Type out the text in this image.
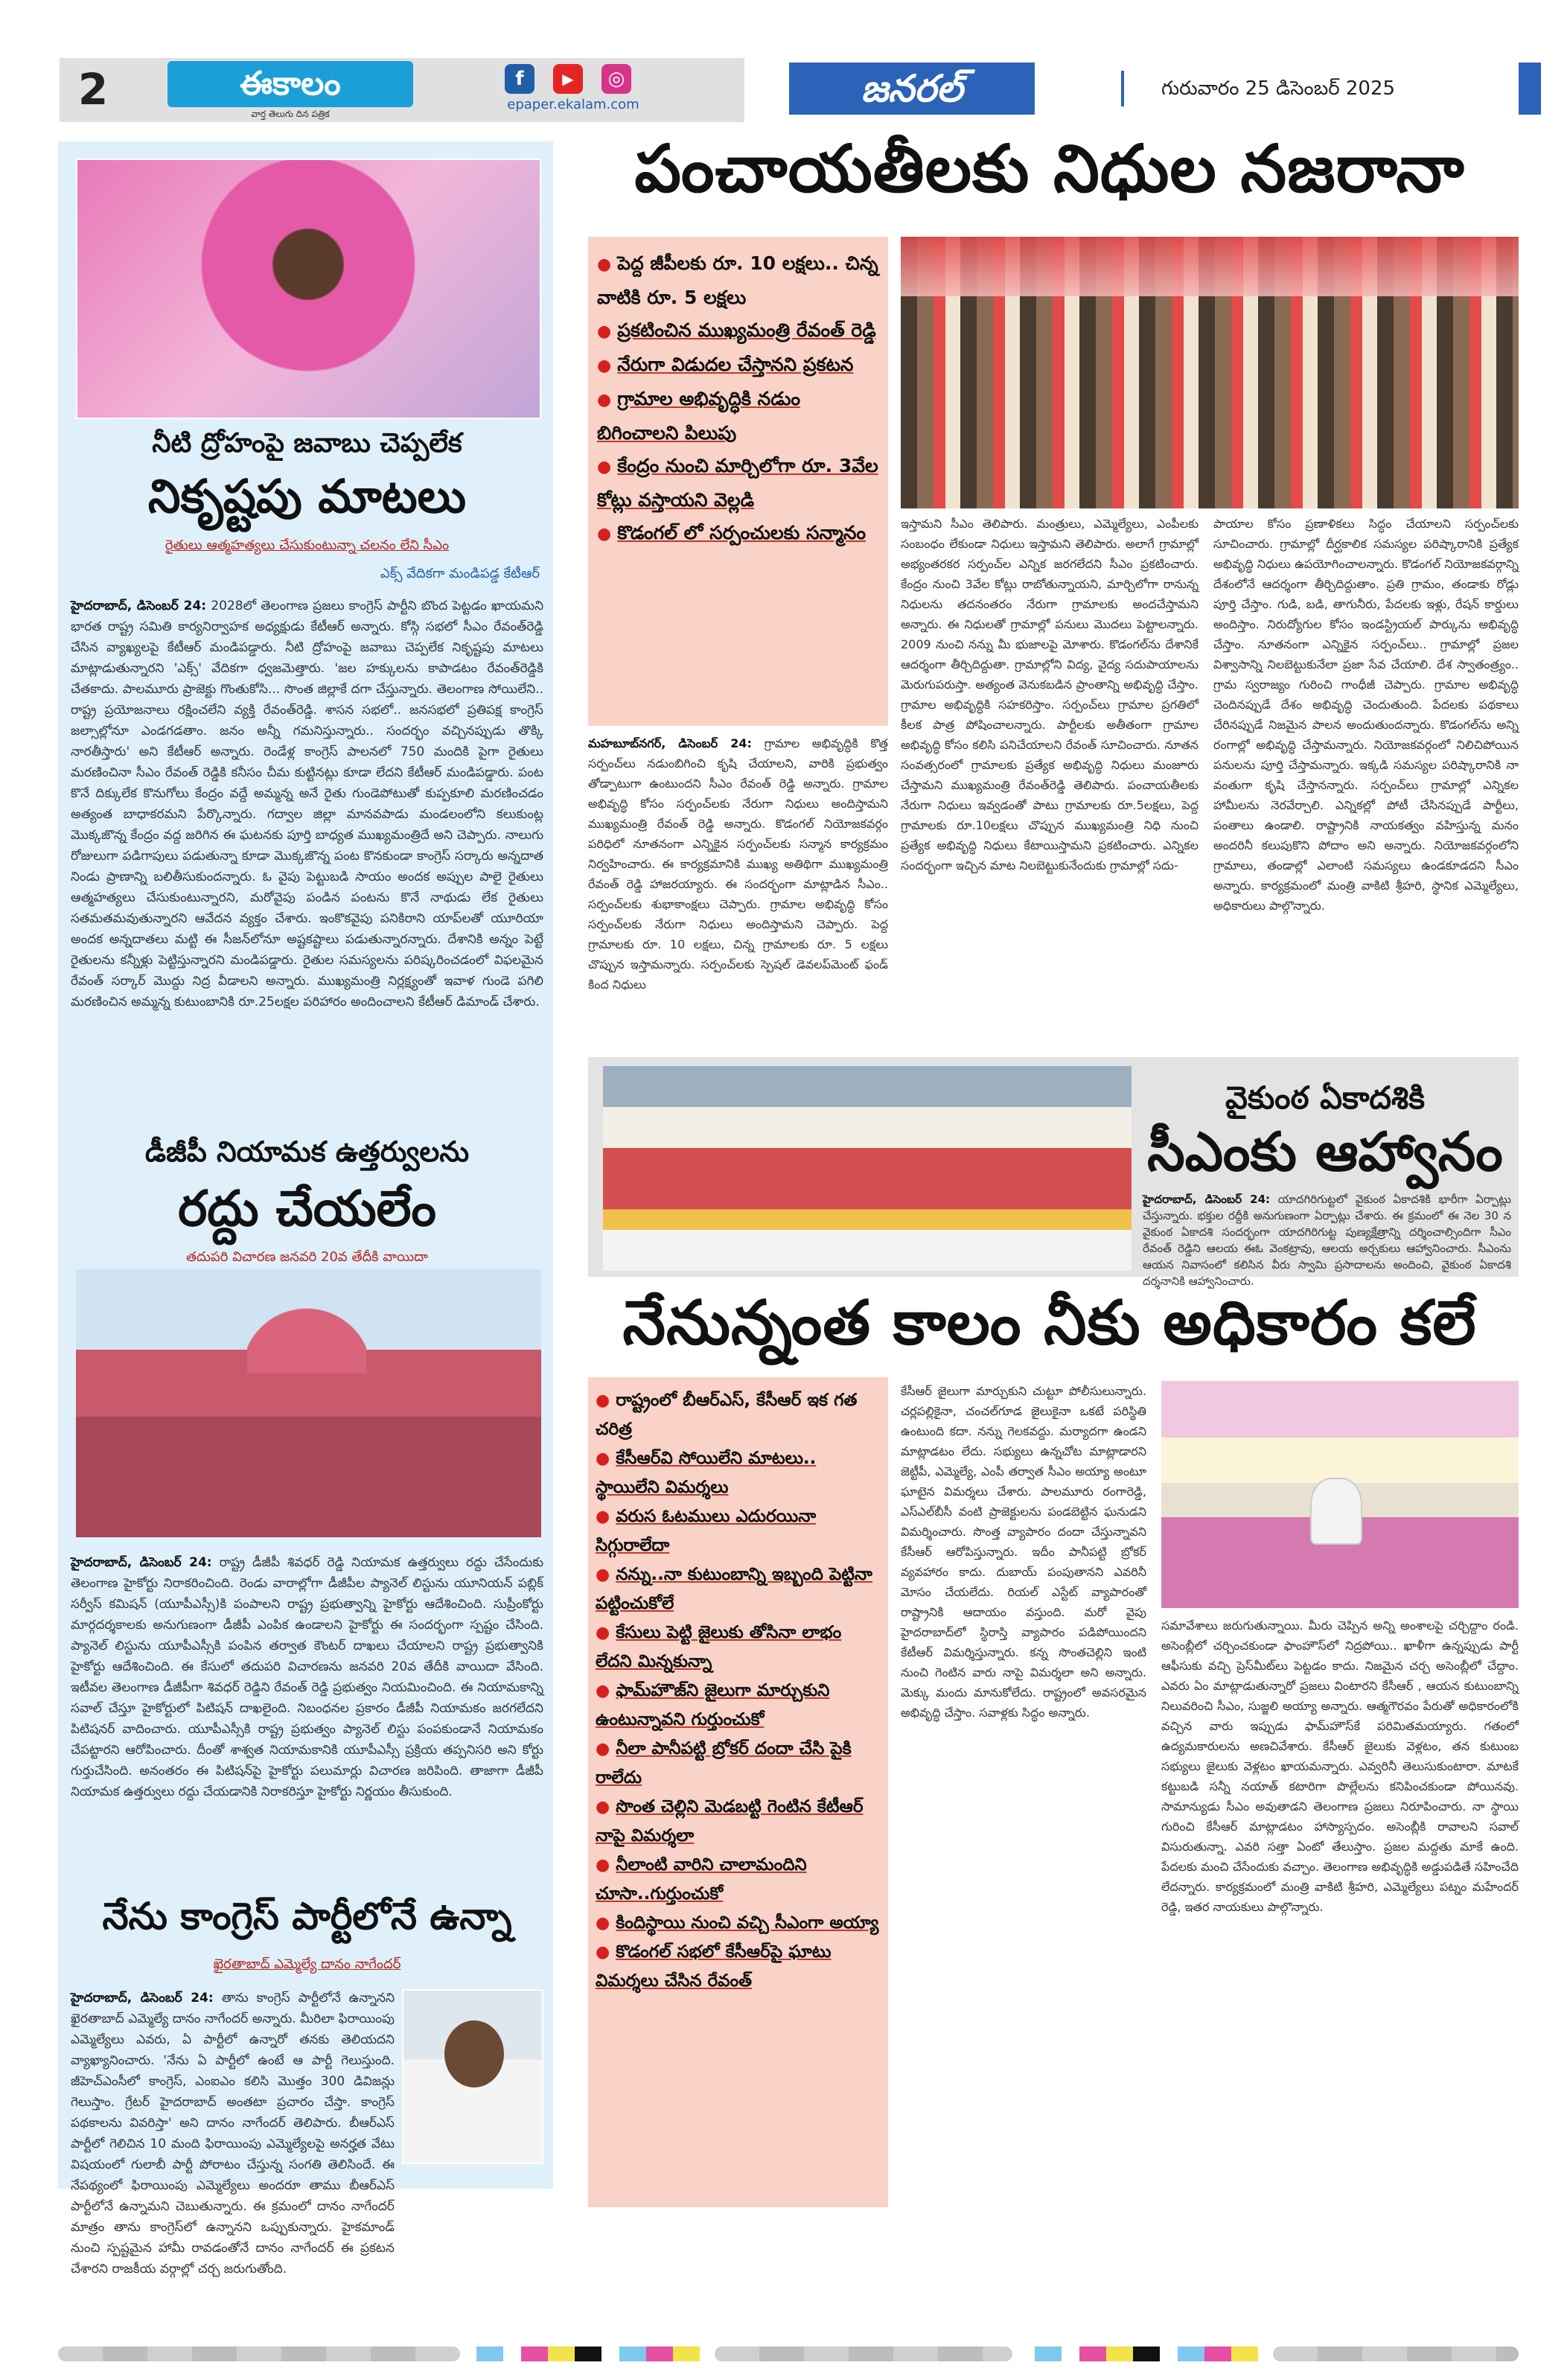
2	ఈకాలం
వార్త తెలుగు దిన పత్రిక
f	▶	◎
epaper.ekalam.com	జనరల్	గురువారం 25 డిసెంబర్ 2025
నీటి ద్రోహంపై జవాబు చెప్పలేక
నికృష్టపు మాటలు
రైతులు ఆత్మహత్యలు చేసుకుంటున్నా చలనం లేని సీఎం
ఎక్స్ వేదికగా మండిపడ్డ కేటీఆర్
హైదరాబాద్, డిసెంబర్ 24: 2028లో తెలంగాణ ప్రజలు కాంగ్రెస్ పార్టీని బొంద పెట్టడం ఖాయమని భారత రాష్ట్ర సమితి కార్యనిర్వాహక అధ్యక్షుడు కేటీఆర్ అన్నారు. కోస్గి సభలో సీఎం రేవంత్‌రెడ్డి చేసిన వ్యాఖ్యలపై కేటీఆర్ మండిపడ్డారు. నీటి ద్రోహంపై జవాబు చెప్పలేక నికృష్టపు మాటలు మాట్లాడుతున్నారని 'ఎక్స్' వేదికగా ధ్వజమెత్తారు. 'జల హక్కులను కాపాడటం రేవంత్‌రెడ్డికి చేతకాదు. పాలమూరు ప్రాజెక్టు గొంతుకోసి... సొంత జిల్లాకే దగా చేస్తున్నారు. తెలంగాణ సోయిలేని.. రాష్ట్ర ప్రయోజనాలు రక్షించలేని వ్యక్తి రేవంత్‌రెడ్డి. శాసన సభలో.. జనసభలో ప్రతిపక్ష కాంగ్రెస్ జల్సాల్లోనూ ఎండగడతాం. జనం అన్నీ గమనిస్తున్నారు.. సందర్భం వచ్చినప్పుడు తొక్కి నారతీస్తారు' అని కేటీఆర్ అన్నారు. రెండేళ్ల కాంగ్రెస్ పాలనలో 750 మందికి పైగా రైతులు మరణించినా సీఎం రేవంత్ రెడ్డికి కనీసం చీమ కుట్టినట్లు కూడా లేదని కేటీఆర్ మండిపడ్డారు. పంట కొనే దిక్కులేక కొనుగోలు కేంద్రం వద్దే అమ్మన్న అనే రైతు గుండెపోటుతో కుప్పకూలి మరణించడం అత్యంత బాధాకరమని పేర్కొన్నారు. గద్వాల జిల్లా మానవపాడు మండలంలోని కలుకుంట్ల మొక్కజొన్న కేంద్రం వద్ద జరిగిన ఈ ఘటనకు పూర్తి బాధ్యత ముఖ్యమంత్రిదే అని చెప్పారు. నాలుగు రోజులుగా పడిగాపులు పడుతున్నా కూడా మొక్కజొన్న పంట కొనకుండా కాంగ్రెస్ సర్కారు అన్నదాత నిండు ప్రాణాన్ని బలితీసుకుందన్నారు. ఓ వైపు పెట్టుబడి సాయం అందక అప్పుల పాలై రైతులు ఆత్మహత్యలు చేసుకుంటున్నారని, మరోవైపు పండిన పంటను కొనే నాథుడు లేక రైతులు సతమతమవుతున్నారని ఆవేదన వ్యక్తం చేశారు. ఇంకొకవైపు పనికిరాని యాప్‌లతో యూరియా అందక అన్నదాతలు మట్టి ఈ సీజన్‌లోనూ అష్టకష్టాలు పడుతున్నారన్నారు. దేశానికి అన్నం పెట్టే రైతులను కన్నీళ్లు పెట్టిస్తున్నారని మండిపడ్డారు. రైతుల సమస్యలను పరిష్కరించడంలో విఫలమైన రేవంత్ సర్కార్ మొద్దు నిద్ర వీడాలని అన్నారు. ముఖ్యమంత్రి నిర్లక్ష్యంతో ఇవాళ గుండె పగిలి మరణించిన అమ్మన్న కుటుంబానికి రూ.25లక్షల పరిహారం అందించాలని కేటీఆర్ డిమాండ్ చేశారు.
డీజీపీ నియామక ఉత్తర్వులను
రద్దు చేయలేం
తదుపరి విచారణ జనవరి 20వ తేదీకి వాయిదా
హైదరాబాద్, డిసెంబర్ 24: రాష్ట్ర డీజీపీ శివధర్ రెడ్డి నియామక ఉత్తర్వులు రద్దు చేసేందుకు తెలంగాణ హైకోర్టు నిరాకరించింది. రెండు వారాల్లోగా డీజీపీల ప్యానెల్ లిస్టును యూనియన్ పబ్లిక్ సర్వీస్ కమిషన్ (యూపీఎస్సీ)కి పంపాలని రాష్ట్ర ప్రభుత్వాన్ని హైకోర్టు ఆదేశించింది. సుప్రీంకోర్టు మార్గదర్శకాలకు అనుగుణంగా డీజీపీ ఎంపిక ఉండాలని హైకోర్టు ఈ సందర్భంగా స్పష్టం చేసింది. ప్యానెల్ లిస్టును యూపీఎస్సీకి పంపిన తర్వాత కౌంటర్ దాఖలు చేయాలని రాష్ట్ర ప్రభుత్వానికి హైకోర్టు ఆదేశించింది. ఈ కేసులో తదుపరి విచారణను జనవరి 20వ తేదీకి వాయిదా వేసింది. ఇటీవల తెలంగాణ డీజీపీగా శివధర్ రెడ్డిని రేవంత్ రెడ్డి ప్రభుత్వం నియమించింది. ఈ నియామకాన్ని సవాల్ చేస్తూ హైకోర్టులో పిటిషన్ దాఖలైంది. నిబంధనల ప్రకారం డీజీపీ నియామకం జరగలేదని పిటిషనర్ వాదించారు. యూపీఎస్సీకి రాష్ట్ర ప్రభుత్వం ప్యానెల్ లిస్టు పంపకుండానే నియామకం చేపట్టారని ఆరోపించారు. దీంతో శాశ్వత నియామకానికి యూపీఎస్సీ ప్రక్రియ తప్పనిసరి అని కోర్టు గుర్తుచేసింది. అనంతరం ఈ పిటిషన్‌పై హైకోర్టు పలుమార్లు విచారణ జరిపింది. తాజాగా డీజీపీ నియామక ఉత్తర్వులు రద్దు చేయడానికి నిరాకరిస్తూ హైకోర్టు నిర్ణయం తీసుకుంది.
నేను కాంగ్రెస్ పార్టీలోనే ఉన్నా
ఖైరతాబాద్ ఎమ్మెల్యే దానం నాగేందర్
హైదరాబాద్, డిసెంబర్ 24: తాను కాంగ్రెస్ పార్టీలోనే ఉన్నానని ఖైరతాబాద్ ఎమ్మెల్యే దానం నాగేందర్ అన్నారు. మీరిలా ఫిరాయింపు ఎమ్మెల్యేలు ఎవరు, ఏ పార్టీలో ఉన్నారో తనకు తెలియదని వ్యాఖ్యానించారు. 'నేను ఏ పార్టీలో ఉంటే ఆ పార్టీ గెలుస్తుంది. జీహెచ్ఎంసీలో కాంగ్రెస్, ఎంఐఎం కలిసి మొత్తం 300 డివిజన్లు గెలుస్తాం. గ్రేటర్ హైదరాబాద్ అంతటా ప్రచారం చేస్తా. కాంగ్రెస్ పథకాలను వివరిస్తా' అని దానం నాగేందర్ తెలిపారు. బీఆర్ఎస్ పార్టీలో గెలిచిన 10 మంది ఫిరాయింపు ఎమ్మెల్యేలపై అనర్హత వేటు విషయంలో గులాబీ పార్టీ పోరాటం చేస్తున్న సంగతి తెలిసిందే. ఈ నేపథ్యంలో ఫిరాయింపు ఎమ్మెల్యేలు అందరూ తాము బీఆర్ఎస్ పార్టీలోనే ఉన్నామని చెబుతున్నారు. ఈ క్రమంలో దానం నాగేందర్ మాత్రం తాను కాంగ్రెస్‌లో ఉన్నానని ఒప్పుకున్నారు. హైకమాండ్ నుంచి స్పష్టమైన హామీ రావడంతోనే దానం నాగేందర్ ఈ ప్రకటన చేశారని రాజకీయ వర్గాల్లో చర్చ జరుగుతోంది.
పంచాయతీలకు నిధుల నజరానా
● పెద్ద జీపీలకు రూ. 10 లక్షలు.. చిన్న వాటికి రూ. 5 లక్షలు
● ప్రకటించిన ముఖ్యమంత్రి రేవంత్ రెడ్డి
● నేరుగా విడుదల చేస్తానని ప్రకటన
● గ్రామాల అభివృద్ధికి నడుం బిగించాలని పిలుపు
● కేంద్రం నుంచి మార్చిలోగా రూ. 3వేల కోట్లు వస్తాయని వెల్లడి
● కొడంగల్ లో సర్పంచులకు సన్మానం
మహబూబ్‌నగర్, డిసెంబర్ 24: గ్రామాల అభివృద్ధికి కొత్త సర్పంచ్‌లు నడుంబిగించి కృషి చేయాలని, వారికి ప్రభుత్వం తోడ్పాటుగా ఉంటుందని సీఎం రేవంత్ రెడ్డి అన్నారు. గ్రామాల అభివృద్ధి కోసం సర్పంచ్‌లకు నేరుగా నిధులు అందిస్తామని ముఖ్యమంత్రి రేవంత్ రెడ్డి అన్నారు. కొడంగల్ నియోజకవర్గం పరిధిలో నూతనంగా ఎన్నికైన సర్పంచ్‌లకు సన్మాన కార్యక్రమం నిర్వహించారు. ఈ కార్యక్రమానికి ముఖ్య అతిథిగా ముఖ్యమంత్రి రేవంత్ రెడ్డి హాజరయ్యారు. ఈ సందర్భంగా మాట్లాడిన సీఎం.. సర్పంచ్‌లకు శుభాకాంక్షలు చెప్పారు. గ్రామాల అభివృద్ధి కోసం సర్పంచ్‌లకు నేరుగా నిధులు అందిస్తామని చెప్పారు. పెద్ద గ్రామాలకు రూ. 10 లక్షలు, చిన్న గ్రామాలకు రూ. 5 లక్షలు చొప్పున ఇస్తామన్నారు. సర్పంచ్‌లకు స్పెషల్ డెవలప్‌మెంట్ ఫండ్ కింద నిధులు
ఇస్తామని సీఎం తెలిపారు. మంత్రులు, ఎమ్మెల్యేలు, ఎంపీలకు సంబంధం లేకుండా నిధులు ఇస్తామని తెలిపారు. అలాగే గ్రామాల్లో అభ్యంతరకర సర్పంచ్‌ల ఎన్నిక జరగలేదని సీఎం ప్రకటించారు. కేంద్రం నుంచి 3వేల కోట్లు రాబోతున్నాయని, మార్చిలోగా రానున్న నిధులను తదనంతరం నేరుగా గ్రామాలకు అందచేస్తామని అన్నారు. ఈ నిధులతో గ్రామాల్లో పనులు మొదలు పెట్టాలన్నారు. 2009 నుంచి నన్ను మీ భుజాలపై మోశారు. కొడంగల్‌ను దేశానికే ఆదర్శంగా తీర్చిదిద్దుతా. గ్రామాల్లోని విద్య, వైద్య సదుపాయాలను మెరుగుపరుస్తా. అత్యంత వెనుకబడిన ప్రాంతాన్ని అభివృద్ధి చేస్తాం. గ్రామాల అభివృద్ధికి సహకరిస్తాం. సర్పంచ్‌లు గ్రామాల ప్రగతిలో కీలక పాత్ర పోషించాలన్నారు. పార్టీలకు అతీతంగా గ్రామాల అభివృద్ధి కోసం కలిసి పనిచేయాలని రేవంత్ సూచించారు. నూతన సంవత్సరంలో గ్రామాలకు ప్రత్యేక అభివృద్ధి నిధులు మంజూరు చేస్తామని ముఖ్యమంత్రి రేవంత్‌రెడ్డి తెలిపారు. పంచాయతీలకు నేరుగా నిధులు ఇవ్వడంతో పాటు గ్రామాలకు రూ.5లక్షలు, పెద్ద గ్రామాలకు రూ.10లక్షలు చొప్పున ముఖ్యమంత్రి నిధి నుంచి ప్రత్యేక అభివృద్ధి నిధులు కేటాయిస్తామని ప్రకటించారు. ఎన్నికల సందర్భంగా ఇచ్చిన మాట నిలబెట్టుకునేందుకు గ్రామాల్లో సదు-
పాయాల కోసం ప్రణాళికలు సిద్ధం చేయాలని సర్పంచ్‌లకు సూచించారు. గ్రామాల్లో దీర్ఘకాలిక సమస్యల పరిష్కారానికి ప్రత్యేక అభివృద్ధి నిధులు ఉపయోగించాలన్నారు. కొడంగల్ నియోజకవర్గాన్ని దేశంలోనే ఆదర్శంగా తీర్చిదిద్దుతాం. ప్రతి గ్రామం, తండాకు రోడ్లు పూర్తి చేస్తాం. గుడి, బడి, తాగునీరు, పేదలకు ఇళ్లు, రేషన్ కార్డులు అందిస్తాం. నిరుద్యోగుల కోసం ఇండస్ట్రియల్ పార్కును అభివృద్ధి చేస్తాం. నూతనంగా ఎన్నికైన సర్పంచ్‌లు.. గ్రామాల్లో ప్రజల విశ్వాసాన్ని నిలబెట్టుకునేలా ప్రజా సేవ చేయాలి. దేశ స్వాతంత్ర్యం.. గ్రామ స్వరాజ్యం గురించి గాంధీజీ చెప్పారు. గ్రామాల అభివృద్ధి చెందినప్పుడే దేశం అభివృద్ధి చెందుతుంది. పేదలకు పథకాలు చేరినప్పుడే నిజమైన పాలన అందుతుందన్నారు. కొడంగల్‌ను అన్ని రంగాల్లో అభివృద్ధి చేస్తామన్నారు. నియోజకవర్గంలో నిలిచిపోయిన పనులను పూర్తి చేస్తామన్నారు. ఇక్కడి సమస్యల పరిష్కారానికి నా వంతుగా కృషి చేస్తానన్నారు. సర్పంచ్‌లు గ్రామాల్లో ఎన్నికల హామీలను నెరవేర్చాలి. ఎన్నికల్లో పోటీ చేసినప్పుడే పార్టీలు, పంతాలు ఉండాలి. రాష్ట్రానికి నాయకత్వం వహిస్తున్న మనం అందరినీ కలుపుకొని పోదాం అని అన్నారు. నియోజకవర్గంలోని గ్రామాలు, తండాల్లో ఎలాంటి సమస్యలు ఉండకూడదని సీఎం అన్నారు. కార్యక్రమంలో మంత్రి వాకిటి శ్రీహరి, స్థానిక ఎమ్మెల్యేలు, అధికారులు పాల్గొన్నారు.
వైకుంఠ ఏకాదశికి
సీఎంకు ఆహ్వానం
హైదరాబాద్, డిసెంబర్ 24: యాదగిరిగుట్టలో వైకుంఠ ఏకాదశికి భారీగా ఏర్పాట్లు చేస్తున్నారు. భక్తుల రద్దీకి అనుగుణంగా ఏర్పాట్లు చేశారు. ఈ క్రమంలో ఈ నెల 30 న వైకుంఠ ఏకాదశి సందర్భంగా యాదగిరిగుట్ట పుణ్యక్షేత్రాన్ని దర్శించాల్సిందిగా సీఎం రేవంత్ రెడ్డిని ఆలయ ఈఓ వెంకట్రావు, ఆలయ అర్చకులు ఆహ్వానించారు. సీఎంను ఆయన నివాసంలో కలిసిన వీరు స్వామి ప్రసాదాలను అందించి, వైకుంఠ ఏకాదశి దర్శనానికి ఆహ్వానించారు.
నేనున్నంత కాలం నీకు అధికారం కలే
● రాష్ట్రంలో బీఆర్ఎస్, కేసీఆర్ ఇక గత చరిత్ర
● కేసీఆర్‌వి సోయిలేని మాటలు.. స్థాయిలేని విమర్శలు
● వరుస ఓటములు ఎదురయినా సిగ్గురాలేదా
● నన్ను..నా కుటుంబాన్ని ఇబ్బంది పెట్టినా పట్టించుకోలే
● కేసులు పెట్టి జైలుకు తోసినా లాభం లేదని మిన్నకున్నా
● ఫామ్‌హౌజ్‌ని జైలుగా మార్చుకుని ఉంటున్నావని గుర్తుంచుకో
● నీలా పానీపట్టి బ్రోకర్ దందా చేసి పైకి రాలేదు
● సొంత చెల్లిని మెడబట్టి గెంటిన కేటీఆర్ నాపై విమర్శలా
● నీలాంటి వారిని చాలామందిని చూసా..గుర్తుంచుకో
● కిందిస్థాయి నుంచి వచ్చి సీఎంగా అయ్యా
● కొడంగల్ సభలో కేసీఆర్‌పై ఘాటు విమర్శలు చేసిన రేవంత్
కేసీఆర్ జైలుగా మార్చుకుని చుట్టూ పోలీసులున్నారు. చర్లపల్లికైనా, చంచల్‌గూడ జైలుకైనా ఒకటే పరిస్థితి ఉంటుంది కదా. నన్ను గెలకవద్దు. మర్యాదగా ఉండని మాట్లాడటం లేదు. సభ్యులు ఉన్నచోట మాట్లాడారని జెట్టీపీ, ఎమ్మెల్యే, ఎంపీ తర్వాత సీఎం అయ్యా అంటూ ఘాటైన విమర్శలు చేశారు. పాలమూరు రంగారెడ్డి, ఎస్ఎల్‌బీసీ వంటి ప్రాజెక్టులను పండబెట్టిన ఘనుడని విమర్శించారు. సొంత్త వ్యాపారం దందా చేస్తున్నావని కేసీఆర్ ఆరోపిస్తున్నారు. ఇదీం పానీపట్టి బ్రోకర్ వ్యవహారం కాదు. దుబాయ్ పంపుతానని ఎవరినీ మోసం చేయలేదు. రియల్ ఎస్టేట్ వ్యాపారంతో రాష్ట్రానికి ఆదాయం వస్తుంది. మరో వైపు హైదరాబాద్‌లో స్థిరాస్తి వ్యాపారం పడిపోయిందని కేటీఆర్ విమర్శిస్తున్నారు. కన్న సొంతచెల్లిని ఇంటి నుంచి గెంటిన వారు నాపై విమర్శలా అని అన్నారు. మెక్కు మందు మానుకోలేదు. రాష్ట్రంలో అవసరమైన అభివృద్ధి చేస్తాం. సవాళ్లకు సిద్ధం అన్నారు.
సమావేశాలు జరుగుతున్నాయి. మీరు చెప్పిన అన్ని అంశాలపై చర్చిద్దాం రండి. అసెంబ్లీలో చర్చించకుండా ఫాంహౌస్‌లో నిద్రపోయి.. ఖాళీగా ఉన్నప్పుడు పార్టీ ఆఫీసుకు వచ్చి ప్రెస్‌మీట్‌లు పెట్టడం కాదు. నిజమైన చర్చ అసెంబ్లీలో చేద్దాం. ఎవరు ఏం మాట్లాడుతున్నారో ప్రజలు వింటారని కేసీఆర్ , ఆయన కుటుంబాన్ని నిలువరించి సీఎం, సుజ్జలి అయ్యా అన్నారు. ఆత్మగౌరవం పేరుతో అధికారంలోకి వచ్చిన వారు ఇప్పుడు ఫామ్‌హౌస్‌కే పరిమితమయ్యారు. గతంలో ఉద్యమకారులను అణచివేశారు. కేసీఆర్ జైలుకు వెళ్లటం, తన కుటుంబ సభ్యులు జైలుకు వెళ్లటం ఖాయమన్నారు. ఎవ్వరినీ తెలుసుకుంటారా. మాటకే కట్టుబడి సన్నీ నయాత్ కటారిగా పొల్లేలను కనిపించకుండా పోయినవు. సామాన్యుడు సీఎం అవుతాడని తెలంగాణ ప్రజలు నిరూపించారు. నా స్థాయి గురించి కేసీఆర్ మాట్లాడటం హాస్యాస్పదం. అసెంబ్లీకి రావాలని సవాల్ విసురుతున్నా. ఎవరి సత్తా ఏంటో తేలుస్తాం. ప్రజల మద్దతు మాకే ఉంది. పేదలకు మంచి చేసేందుకు వచ్చాం. తెలంగాణ అభివృద్ధికి అడ్డుపడితే సహించేది లేదన్నారు. కార్యక్రమంలో మంత్రి వాకిటి శ్రీహరి, ఎమ్మెల్యేలు పట్నం మహేందర్ రెడ్డి, ఇతర నాయకులు పాల్గొన్నారు.
